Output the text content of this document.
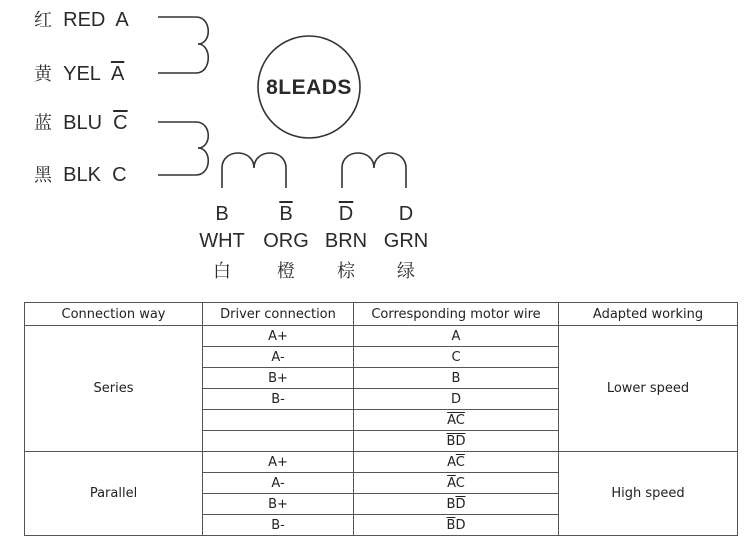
红 RED A
黄 YEL $\overline{A}$
蓝 BLU $\overline{C}$
黑 BLK C
8LEADS
B
WHT
白
$\overline{B}$
ORG
橙
$\overline{D}$
BRN
棕
D
GRN
绿
Connection way	Driver connection	Corresponding motor wire	Adapted working
Series	A+	A	Lower speed
	A-	C	
	B+	B	
	B-	D	
		$\overline{AC}$
		$\overline{BD}$
Parallel	A+	$A\overline{C}$	High speed
	A-	$\overline{A}C$	
	B+	$B\overline{D}$
	B-	$\overline{B}D$	
